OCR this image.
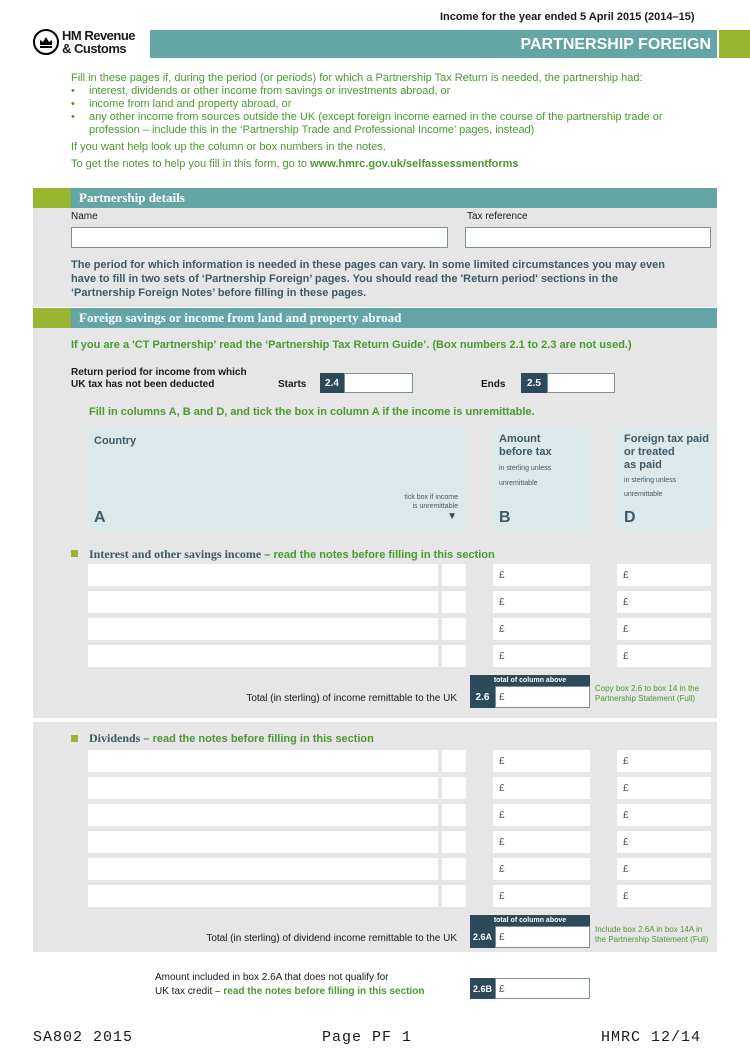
HM Revenue
& Customs
Income for the year ended 5 April 2015 (2014–15)
PARTNERSHIP FOREIGN
Fill in these pages if, during the period (or periods) for which a Partnership Tax Return is needed, the partnership had:
• interest, dividends or other income from savings or investments abroad, or
• income from land and property abroad, or
• any other income from sources outside the UK (except foreign income earned in the course of the partnership trade or profession – include this in the ‘Partnership Trade and Professional Income’ pages, instead)
If you want help look up the column or box numbers in the notes.
To get the notes to help you fill in this form, go to www.hmrc.gov.uk/selfassessmentforms
Partnership details
Name	Tax reference
The period for which information is needed in these pages can vary. In some limited circumstances you may even have to fill in two sets of ‘Partnership Foreign’ pages. You should read the 'Return period' sections in the ‘Partnership Foreign Notes’ before filling in these pages.
Foreign savings or income from land and property abroad
If you are a 'CT Partnership' read the ‘Partnership Tax Return Guide’. (Box numbers 2.1 to 2.3 are not used.)
Return period for income from which
UK tax has not been deducted	Starts	2.4	Ends	2.5
Fill in columns A, B and D, and tick the box in column A if the income is unremittable.
Country
tick box if income
is unremittable
▼
A
Amount
before tax
in sterling unless
unremittable
B
Foreign tax paid
or treated
as paid
in sterling unless
unremittable
D
Interest and other savings income – read the notes before filling in this section
£	£
£	£
£	£
£	£
total of column above
Total (in sterling) of income remittable to the UK	2.6 £
Copy box 2.6 to box 14 in the
Partnership Statement (Full)
Dividends – read the notes before filling in this section
£	£
£	£
£	£
£	£
£	£
£	£
total of column above
Total (in sterling) of dividend income remittable to the UK	2.6A £
Include box 2.6A in box 14A in
the Partnership Statement (Full)
Amount included in box 2.6A that does not qualify for
UK tax credit – read the notes before filling in this section	2.6B £
SA802 2015	Page PF 1	HMRC 12/14
